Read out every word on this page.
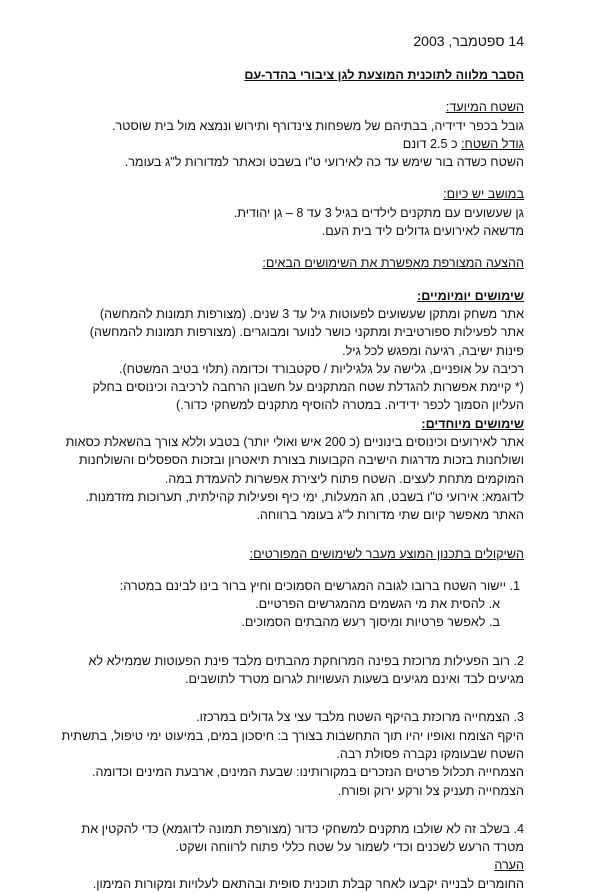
14 ספטמבר, 2003

הסבר מלווה לתוכנית המוצעת לגן ציבורי בהדר-עם

השטח המיועד:

גובל בכפר ידידיה, בבתיהם של משפחות צינדורף ותירוש ונמצא מול בית שוסטר.

גודל השטח: כ 2.5 דונם

השטח כשדה בור שימש עד כה לאירועי ט"ו בשבט וכאתר למדורות ל"ג בעומר.

במושב יש כיום:

גן שעשועים עם מתקנים לילדים בגיל 3 עד 8 – גן יהודית.

מדשאה לאירועים גדולים ליד בית העם.

ההצעה המצורפת מאפשרת את השימושים הבאים:

שימושים יומיומיים:

אתר משחק ומתקן שעשועים לפעוטות גיל עד 3 שנים. (מצורפות תמונות להמחשה)

אתר לפעילות ספורטיבית ומתקני כושר לנוער ומבוגרים. (מצורפות תמונות להמחשה)

פינות ישיבה, רגיעה ומפגש לכל גיל.

רכיבה על אופניים, גלישה על גלגיליות / סקטבורד וכדומה (תלוי בטיב המשטח).

(* קיימת אפשרות להגדלת שטח המתקנים על חשבון הרחבה לרכיבה וכינוסים בחלק

העליון הסמוך לכפר ידידיה. במטרה להוסיף מתקנים למשחקי כדור.)

שימושים מיוחדים:

אתר לאירועים וכינוסים בינוניים (כ 200 איש ואולי יותר) בטבע וללא צורך בהשאלת כסאות

ושולחנות בזכות מדרגות הישיבה הקבועות בצורת תיאטרון ובזכות הספסלים והשולחנות

המוקמים מתחת לעצים. השטח פתוח ליצירת אפשרות להעמדת במה.

לדוגמא: אירועי ט"ו בשבט, חג המעלות, ימי כיף ופעילות קהילתית, תערוכות מזדמנות.

האתר מאפשר קיום שתי מדורות ל"ג בעומר ברווחה.

השיקולים בתכנון המוצע מעבר לשימושים המפורטים:

1. יישור השטח ברובו לגובה המגרשים הסמוכים וחיץ ברור בינו לבינם במטרה:

א. להסית את מי הגשמים מהמגרשים הפרטיים.

ב. לאפשר פרטיות ומיסוך רעש מהבתים הסמוכים.

2. רוב הפעילות מרוכזת בפינה המרוחקת מהבתים מלבד פינת הפעוטות שממילא לא

מגיעים לבד ואינם מגיעים בשעות העשויות לגרום מטרד לתושבים.

3. הצמחייה מרוכזת בהיקף השטח מלבד עצי צל גדולים במרכזו.

היקף הצומח ואופיו יהיו תוך התחשבות בצורך ב: חיסכון במים, במיעוט ימי טיפול, בתשתית

השטח שבעומקו נקברה פסולת רבה.

הצמחייה תכלול פרטים הנזכרים במקורותינו: שבעת המינים, ארבעת המינים וכדומה.

הצמחייה תעניק צל ורקע ירוק ופורח.

4. בשלב זה לא שולבו מתקנים למשחקי כדור (מצורפת תמונה לדוגמא) כדי להקטין את

מטרד הרעש לשכנים וכדי לשמור על שטח כללי פתוח לרווחה ושקט.

הערה

החומרים לבנייה יקבעו לאחר קבלת תוכנית סופית ובהתאם לעלויות ומקורות המימון.
